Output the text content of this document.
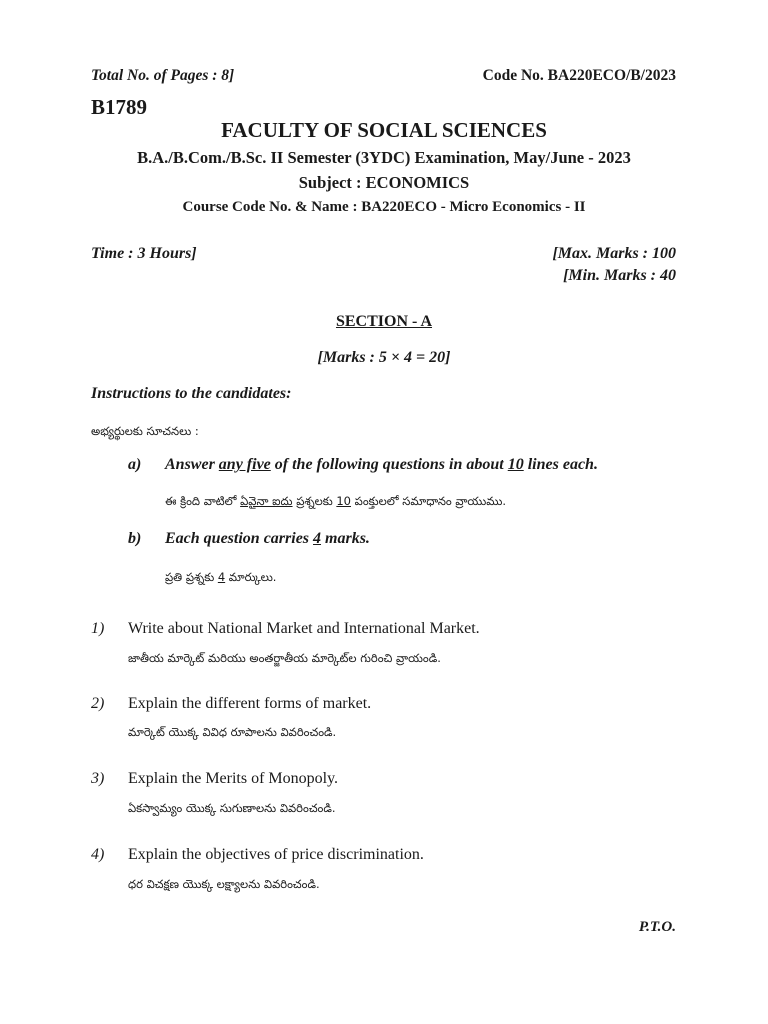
Total No. of Pages : 8]	Code No. BA220ECO/B/2023
B1789
FACULTY OF SOCIAL SCIENCES
B.A./B.Com./B.Sc. II Semester (3YDC) Examination, May/June - 2023
Subject : ECONOMICS
Course Code No. & Name : BA220ECO - Micro Economics - II
Time : 3 Hours]	[Max. Marks : 100
[Min. Marks : 40
SECTION - A
[Marks : 5 × 4 = 20]
Instructions to the candidates:
అభ్యర్థులకు సూచనలు :
a) Answer any five of the following questions in about 10 lines each.
ఈ క్రింది వాటిలో ఏవైనా ఐదు ప్రశ్నలకు 10 పంక్తులలో సమాధానం వ్రాయుము.
b) Each question carries 4 marks.
ప్రతి ప్రశ్నకు 4 మార్కులు.
1) Write about National Market and International Market.
జాతీయ మార్కెట్ మరియు అంతర్జాతీయ మార్కెట్‌ల గురించి వ్రాయండి.
2) Explain the different forms of market.
మార్కెట్ యొక్క వివిధ రూపాలను వివరించండి.
3) Explain the Merits of Monopoly.
ఏకస్వామ్యం యొక్క సుగుణాలను వివరించండి.
4) Explain the objectives of price discrimination.
ధర విచక్షణ యొక్క లక్ష్యాలను వివరించండి.
P.T.O.
